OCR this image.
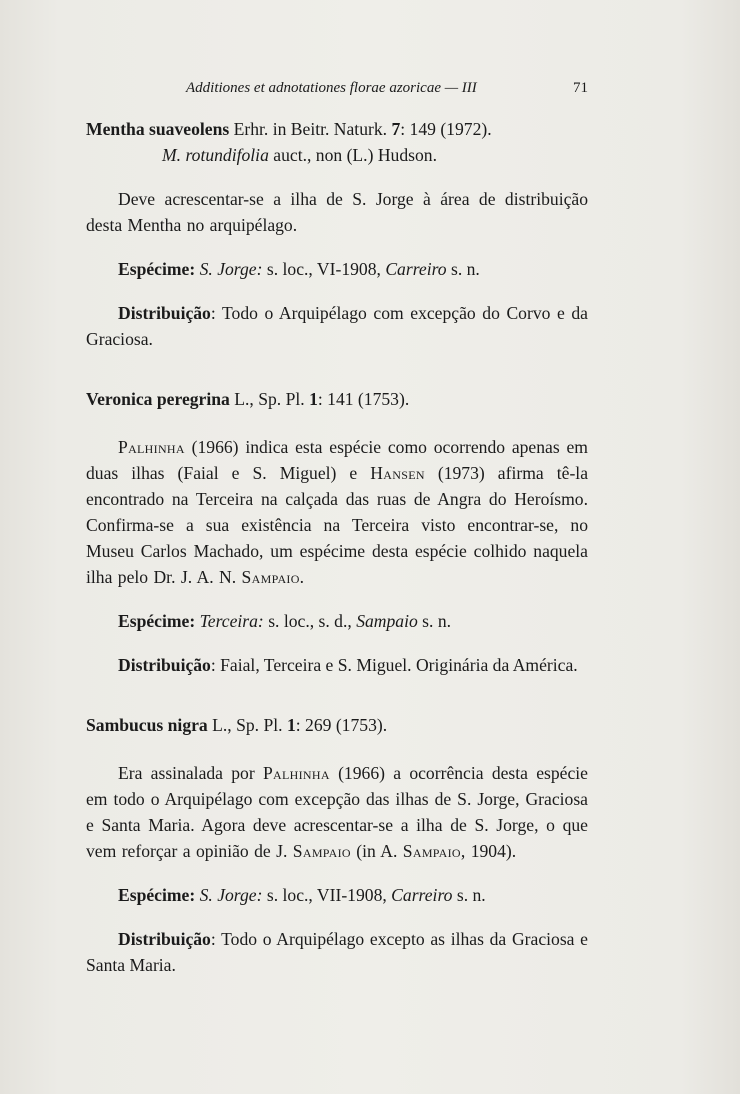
Additiones et adnotationes florae azoricae — III	71

Mentha suaveolens Erhr. in Beitr. Naturk. 7: 149 (1972).

M. rotundifolia auct., non (L.) Hudson.

Deve acrescentar-se a ilha de S. Jorge à área de distribuição desta Mentha no arquipélago.

Espécime: S. Jorge: s. loc., VI-1908, Carreiro s. n.

Distribuição: Todo o Arquipélago com excepção do Corvo e da Graciosa.

Veronica peregrina L., Sp. Pl. 1: 141 (1753).

Palhinha (1966) indica esta espécie como ocorrendo apenas em duas ilhas (Faial e S. Miguel) e Hansen (1973) afirma tê-la encontrado na Terceira na calçada das ruas de Angra do Heroísmo. Confirma-se a sua existência na Terceira visto encontrar-se, no Museu Carlos Machado, um espécime desta espécie colhido naquela ilha pelo Dr. J. A. N. Sampaio.

Espécime: Terceira: s. loc., s. d., Sampaio s. n.

Distribuição: Faial, Terceira e S. Miguel. Originária da América.

Sambucus nigra L., Sp. Pl. 1: 269 (1753).

Era assinalada por Palhinha (1966) a ocorrência desta espécie em todo o Arquipélago com excepção das ilhas de S. Jorge, Graciosa e Santa Maria. Agora deve acrescentar-se a ilha de S. Jorge, o que vem reforçar a opinião de J. Sampaio (in A. Sampaio, 1904).

Espécime: S. Jorge: s. loc., VII-1908, Carreiro s. n.

Distribuição: Todo o Arquipélago excepto as ilhas da Graciosa e Santa Maria.
